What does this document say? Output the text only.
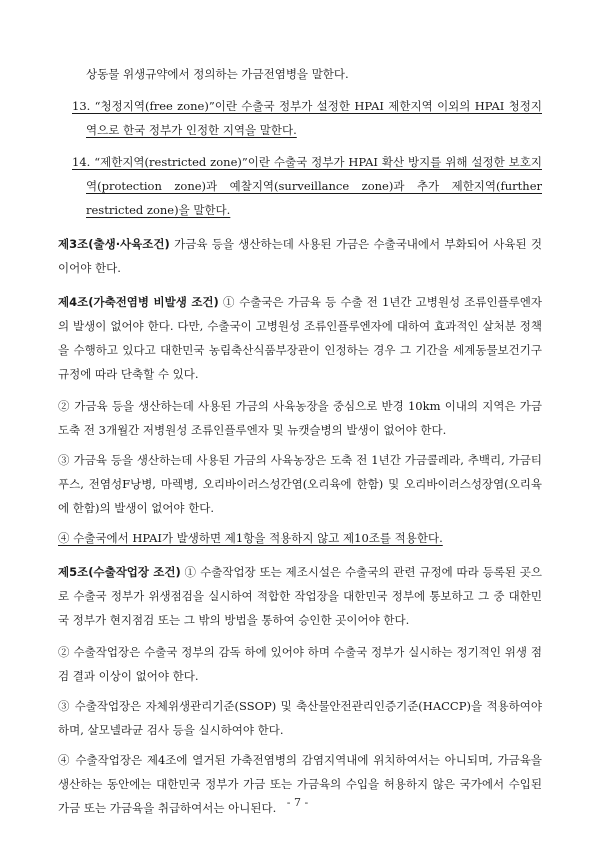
상동물 위생규약에서 정의하는 가금전염병을 말한다.

13. “청정지역(free zone)”이란 수출국 정부가 설정한 HPAI 제한지역 이외의 HPAI 청정지역으로 한국 정부가 인정한 지역을 말한다.

14. “제한지역(restricted zone)”이란 수출국 정부가 HPAI 확산 방지를 위해 설정한 보호지역(protection zone)과 예찰지역(surveillance zone)과 추가 제한지역(further restricted zone)을 말한다.

제3조(출생·사육조건) 가금육 등을 생산하는데 사용된 가금은 수출국내에서 부화되어 사육된 것이어야 한다.

제4조(가축전염병 비발생 조건) ① 수출국은 가금육 등 수출 전 1년간 고병원성 조류인플루엔자의 발생이 없어야 한다. 다만, 수출국이 고병원성 조류인플루엔자에 대하여 효과적인 살처분 정책을 수행하고 있다고 대한민국 농림축산식품부장관이 인정하는 경우 그 기간을 세계동물보건기구 규정에 따라 단축할 수 있다.

② 가금육 등을 생산하는데 사용된 가금의 사육농장을 중심으로 반경 10km 이내의 지역은 가금 도축 전 3개월간 저병원성 조류인플루엔자 및 뉴캣슬병의 발생이 없어야 한다.

③ 가금육 등을 생산하는데 사용된 가금의 사육농장은 도축 전 1년간 가금콜레라, 추백리, 가금티푸스, 전염성F낭병, 마렉병, 오리바이러스성간염(오리육에 한함) 및 오리바이러스성장염(오리육에 한함)의 발생이 없어야 한다.

④ 수출국에서 HPAI가 발생하면 제1항을 적용하지 않고 제10조를 적용한다.

제5조(수출작업장 조건) ① 수출작업장 또는 제조시설은 수출국의 관련 규정에 따라 등록된 곳으로 수출국 정부가 위생점검을 실시하여 적합한 작업장을 대한민국 정부에 통보하고 그 중 대한민국 정부가 현지점검 또는 그 밖의 방법을 통하여 승인한 곳이어야 한다.

② 수출작업장은 수출국 정부의 감독 하에 있어야 하며 수출국 정부가 실시하는 정기적인 위생 점검 결과 이상이 없어야 한다.

③ 수출작업장은 자체위생관리기준(SSOP) 및 축산물안전관리인증기준(HACCP)을 적용하여야 하며, 살모넬라균 검사 등을 실시하여야 한다.

④ 수출작업장은 제4조에 열거된 가축전염병의 감염지역내에 위치하여서는 아니되며, 가금육을 생산하는 동안에는 대한민국 정부가 가금 또는 가금육의 수입을 허용하지 않은 국가에서 수입된 가금 또는 가금육을 취급하여서는 아니된다. - 7 -
